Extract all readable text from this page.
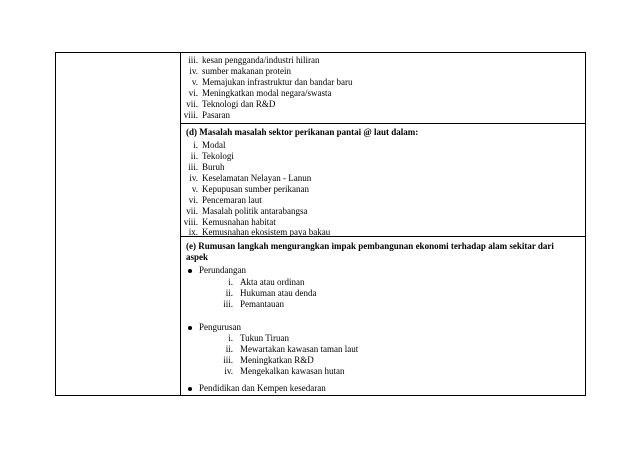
iii. kesan pengganda/industri hiliran
iv. sumber makanan protein
v. Memajukan infrastruktur dan bandar baru
vi. Meningkatkan modal negara/swasta
vii. Teknologi dan R&D
viii. Pasaran
(d) Masalah masalah sektor perikanan pantai @ laut dalam:
i. Modal
ii. Tekologi
iii. Buruh
iv. Keselamatan Nelayan - Lanun
v. Kepupusan sumber perikanan
vi. Pencemaran laut
vii. Masalah politik antarabangsa
viii. Kemusnahan habitat
ix. Kemusnahan ekosistem paya bakau
(e) Rumusan langkah mengurangkan impak pembangunan ekonomi terhadap alam sekitar dari
aspek
Perundangan
i. Akta atau ordinan
ii. Hukuman atau denda
iii. Pemantauan
Pengurusan
i. Tukun Tiruan
ii. Mewartakan kawasan taman laut
iii. Meningkatkan R&D
iv. Mengekalkan kawasan hutan
Pendidikan dan Kempen kesedaran
